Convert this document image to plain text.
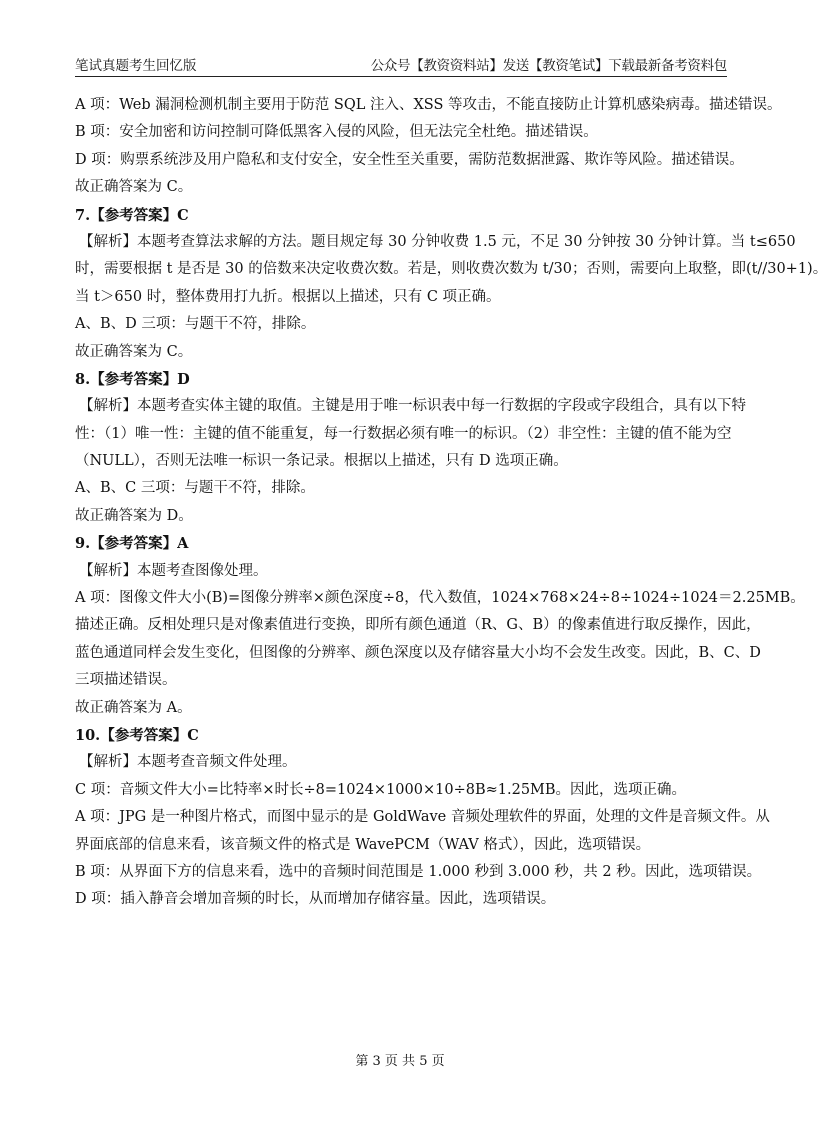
笔试真题考生回忆版	公众号【教资资料站】发送【教资笔试】下载最新备考资料包
A 项：Web 漏洞检测机制主要用于防范 SQL 注入、XSS 等攻击，不能直接防止计算机感染病毒。描述错误。
B 项：安全加密和访问控制可降低黑客入侵的风险，但无法完全杜绝。描述错误。
D 项：购票系统涉及用户隐私和支付安全，安全性至关重要，需防范数据泄露、欺诈等风险。描述错误。
故正确答案为 C。
7.【参考答案】C
【解析】本题考查算法求解的方法。题目规定每 30 分钟收费 1.5 元，不足 30 分钟按 30 分钟计算。当 t≤650
时，需要根据 t 是否是 30 的倍数来决定收费次数。若是，则收费次数为 t/30；否则，需要向上取整，即(t//30+1)。
当 t＞650 时，整体费用打九折。根据以上描述，只有 C 项正确。
A、B、D 三项：与题干不符，排除。
故正确答案为 C。
8.【参考答案】D
【解析】本题考查实体主键的取值。主键是用于唯一标识表中每一行数据的字段或字段组合，具有以下特
性：（1）唯一性：主键的值不能重复，每一行数据必须有唯一的标识。（2）非空性：主键的值不能为空
（NULL），否则无法唯一标识一条记录。根据以上描述，只有 D 选项正确。
A、B、C 三项：与题干不符，排除。
故正确答案为 D。
9.【参考答案】A
【解析】本题考查图像处理。
A 项：图像文件大小(B)=图像分辨率×颜色深度÷8，代入数值，1024×768×24÷8÷1024÷1024＝2.25MB。
描述正确。反相处理只是对像素值进行变换，即所有颜色通道（R、G、B）的像素值进行取反操作，因此，
蓝色通道同样会发生变化，但图像的分辨率、颜色深度以及存储容量大小均不会发生改变。因此，B、C、D
三项描述错误。
故正确答案为 A。
10.【参考答案】C
【解析】本题考查音频文件处理。
C 项：音频文件大小=比特率×时长÷8=1024×1000×10÷8B≈1.25MB。因此，选项正确。
A 项：JPG 是一种图片格式，而图中显示的是 GoldWave 音频处理软件的界面，处理的文件是音频文件。从
界面底部的信息来看，该音频文件的格式是 WavePCM（WAV 格式），因此，选项错误。
B 项：从界面下方的信息来看，选中的音频时间范围是 1.000 秒到 3.000 秒，共 2 秒。因此，选项错误。
D 项：插入静音会增加音频的时长，从而增加存储容量。因此，选项错误。
第 3 页 共 5 页
